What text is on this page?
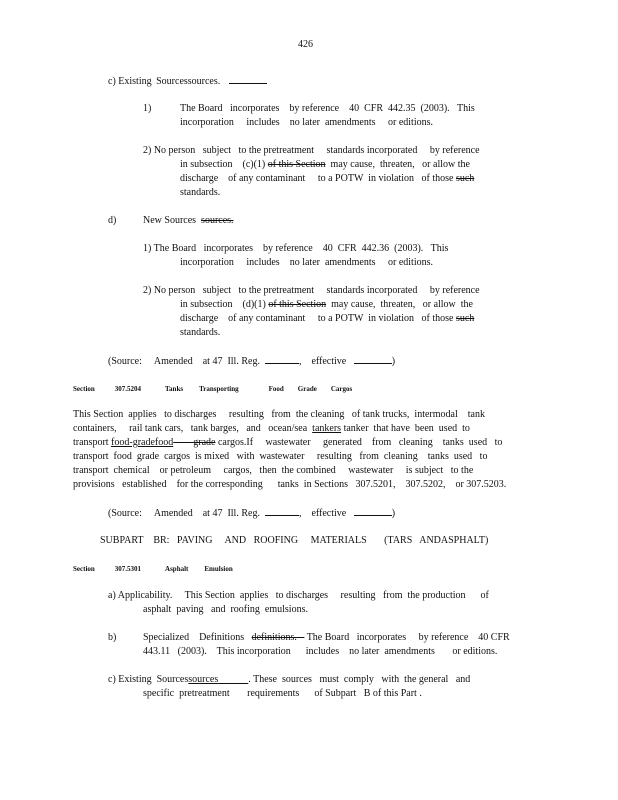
426
c) Existing Sourcessources.
1)	The Board   incorporates    by reference    40  CFR  442.35  (2003).   This
incorporation     includes    no later  amendments     or editions.
2) No person   subject   to the pretreatment     standards incorporated     by reference
in subsection    (c)(1) of this Section may cause,  threaten,   or allow the
discharge    of any contaminant     to a POTW  in violation   of those such
standards.
d)	New Sources sources.
1) The Board   incorporates    by reference    40  CFR  442.36  (2003).   This
incorporation     includes    no later  amendments     or editions.
2) No person   subject   to the pretreatment     standards incorporated     by reference
in subsection    (d)(1) of this Section may cause,  threaten,   or allow  the
discharge    of any contaminant     to a POTW  in violation   of those such
standards.
(Source: Amended at 47  Ill. Reg.	, effective	)
Section	307.5204	Tanks Transporting	Food Grade Cargos
This Section  applies   to discharges     resulting   from  the cleaning   of tank trucks,  intermodal    tank
containers,     rail tank cars,   tank barges,   and   ocean/sea tankers tanker  that have  been  used  to
transport food-gradefood grade cargos.If     wastewater     generated    from   cleaning    tanks  used   to
transport  food  grade  cargos  is mixed   with  wastewater     resulting   from  cleaning    tanks  used   to
transport  chemical    or petroleum     cargos,   then  the combined     wastewater     is subject   to the
provisions   established    for the corresponding      tanks  in Sections   307.5201,    307.5202,    or 307.5203.
(Source: Amended at 47  Ill. Reg.	, effective	)
SUBPART    BR:   PAVING     AND   ROOFING     MATERIALS       (TARS   ANDASPHALT)
Section	307.5301	Asphalt Emulsion
a) Applicability.     This Section  applies   to discharges     resulting   from  the production      of
asphalt  paving   and  roofing  emulsions.
b)	Specialized    Definitions definitions. The Board   incorporates     by reference    40 CFR
443.11   (2003).    This incorporation      includes    no later  amendments       or editions.
c) Existing  Sourcessources	. These  sources   must  comply   with  the general   and
specific  pretreatment       requirements      of Subpart   B of this Part .
